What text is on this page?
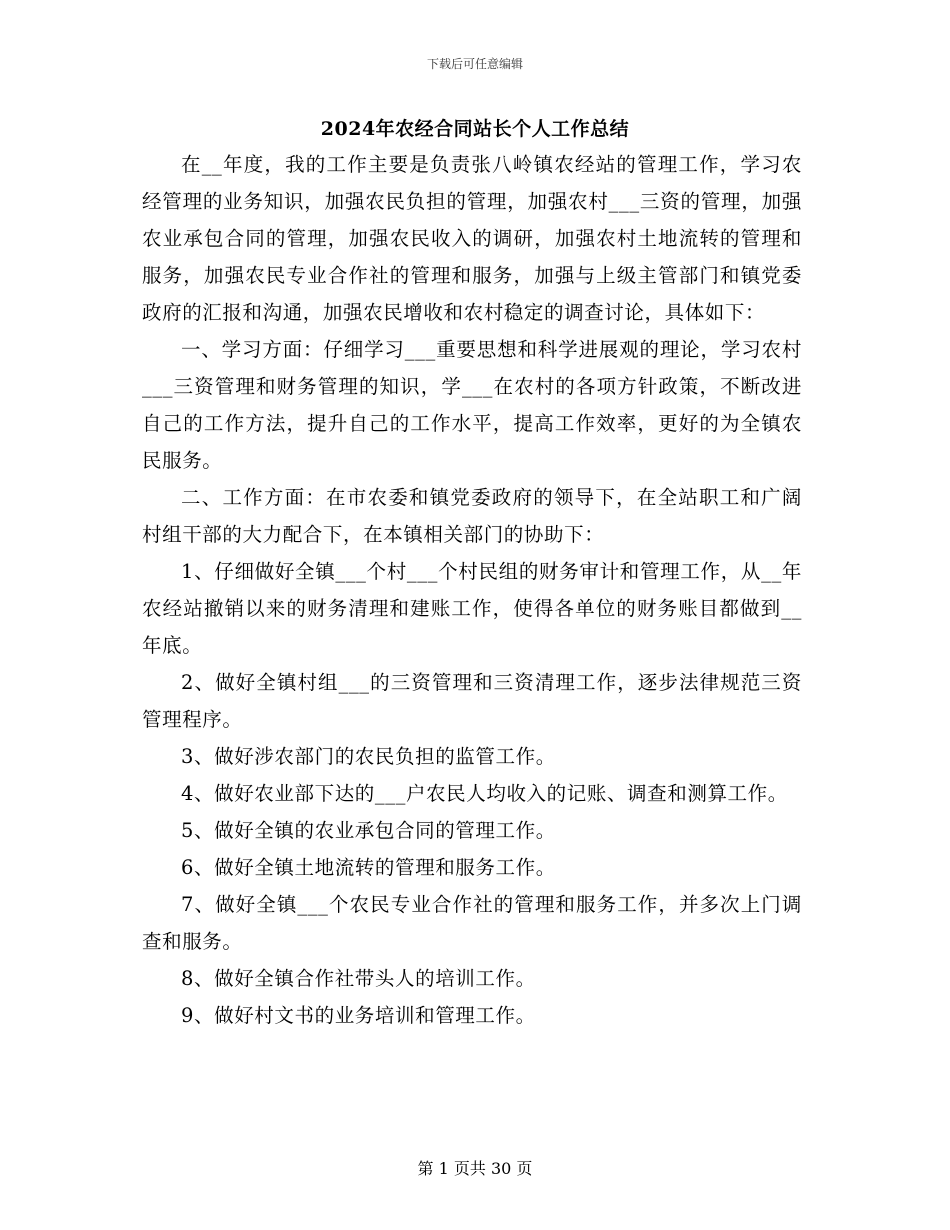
下载后可任意编辑
2024年农经合同站长个人工作总结

在__年度，我的工作主要是负责张八岭镇农经站的管理工作，学习农经管理的业务知识，加强农民负担的管理，加强农村___三资的管理，加强农业承包合同的管理，加强农民收入的调研，加强农村土地流转的管理和服务，加强农民专业合作社的管理和服务，加强与上级主管部门和镇党委政府的汇报和沟通，加强农民增收和农村稳定的调查讨论，具体如下：

一、学习方面：仔细学习___重要思想和科学进展观的理论，学习农村___三资管理和财务管理的知识，学___在农村的各项方针政策，不断改进自己的工作方法，提升自己的工作水平，提高工作效率，更好的为全镇农民服务。

二、工作方面：在市农委和镇党委政府的领导下，在全站职工和广阔村组干部的大力配合下，在本镇相关部门的协助下：

1、仔细做好全镇___个村___个村民组的财务审计和管理工作，从__年农经站撤销以来的财务清理和建账工作，使得各单位的财务账目都做到__年底。

2、做好全镇村组___的三资管理和三资清理工作，逐步法律规范三资管理程序。

3、做好涉农部门的农民负担的监管工作。

4、做好农业部下达的___户农民人均收入的记账、调查和测算工作。

5、做好全镇的农业承包合同的管理工作。

6、做好全镇土地流转的管理和服务工作。

7、做好全镇___个农民专业合作社的管理和服务工作，并多次上门调查和服务。

8、做好全镇合作社带头人的培训工作。

9、做好村文书的业务培训和管理工作。

第 1 页共 30 页
